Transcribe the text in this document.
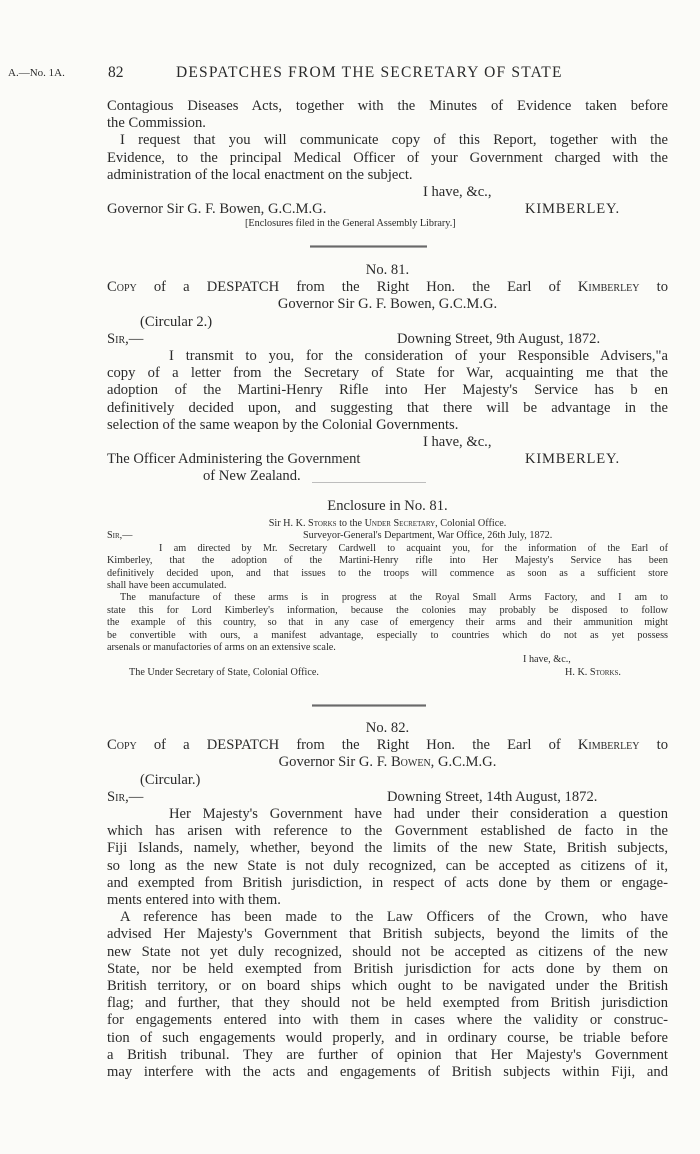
A.—No. 1A.	82	DESPATCHES FROM THE SECRETARY OF STATE
Contagious Diseases Acts, together with the Minutes of Evidence taken before
the Commission.
I request that you will communicate copy of this Report, together with the
Evidence, to the principal Medical Officer of your Government charged with the
administration of the local enactment on the subject.
I have, &c.,
Governor Sir G. F. Bowen, G.C.M.G.	KIMBERLEY.
[Enclosures filed in the General Assembly Library.]
No. 81.
Copy of a DESPATCH from the Right Hon. the Earl of Kimberley to
Governor Sir G. F. Bowen, G.C.M.G.
(Circular 2.)
Sir,—	Downing Street, 9th August, 1872.
I transmit to you, for the consideration of your Responsible Advisers,"a
copy of a letter from the Secretary of State for War, acquainting me that the
adoption of the Martini-Henry Rifle into Her Majesty's Service has b en
definitively decided upon, and suggesting that there will be advantage in the
selection of the same weapon by the Colonial Governments.
I have, &c.,
The Officer Administering the Government	KIMBERLEY.
of New Zealand.
Enclosure in No. 81.
Sir H. K. Storks to the Under Secretary, Colonial Office.
Sir,—	Surveyor-General's Department, War Office, 26th July, 1872.
I am directed by Mr. Secretary Cardwell to acquaint you, for the information of the Earl of
Kimberley, that the adoption of the Martini-Henry rifle into Her Majesty's Service has been
definitively decided upon, and that issues to the troops will commence as soon as a sufficient store
shall have been accumulated.
The manufacture of these arms is in progress at the Royal Small Arms Factory, and I am to
state this for Lord Kimberley's information, because the colonies may probably be disposed to follow
the example of this country, so that in any case of emergency their arms and their ammunition might
be convertible with ours, a manifest advantage, especially to countries which do not as yet possess
arsenals or manufactories of arms on an extensive scale.
I have, &c.,
The Under Secretary of State, Colonial Office.	H. K. Storks.
No. 82.
Copy of a DESPATCH from the Right Hon. the Earl of Kimberley to
Governor Sir G. F. Bowen, G.C.M.G.
(Circular.)
Sir,—	Downing Street, 14th August, 1872.
Her Majesty's Government have had under their consideration a question
which has arisen with reference to the Government established de facto in the
Fiji Islands, namely, whether, beyond the limits of the new State, British subjects,
so long as the new State is not duly recognized, can be accepted as citizens of it,
and exempted from British jurisdiction, in respect of acts done by them or engage-
ments entered into with them.
A reference has been made to the Law Officers of the Crown, who have
advised Her Majesty's Government that British subjects, beyond the limits of the
new State not yet duly recognized, should not be accepted as citizens of the new
State, nor be held exempted from British jurisdiction for acts done by them on
British territory, or on board ships which ought to be navigated under the British
flag; and further, that they should not be held exempted from British jurisdiction
for engagements entered into with them in cases where the validity or construc-
tion of such engagements would properly, and in ordinary course, be triable before
a British tribunal. They are further of opinion that Her Majesty's Government
may interfere with the acts and engagements of British subjects within Fiji, and
